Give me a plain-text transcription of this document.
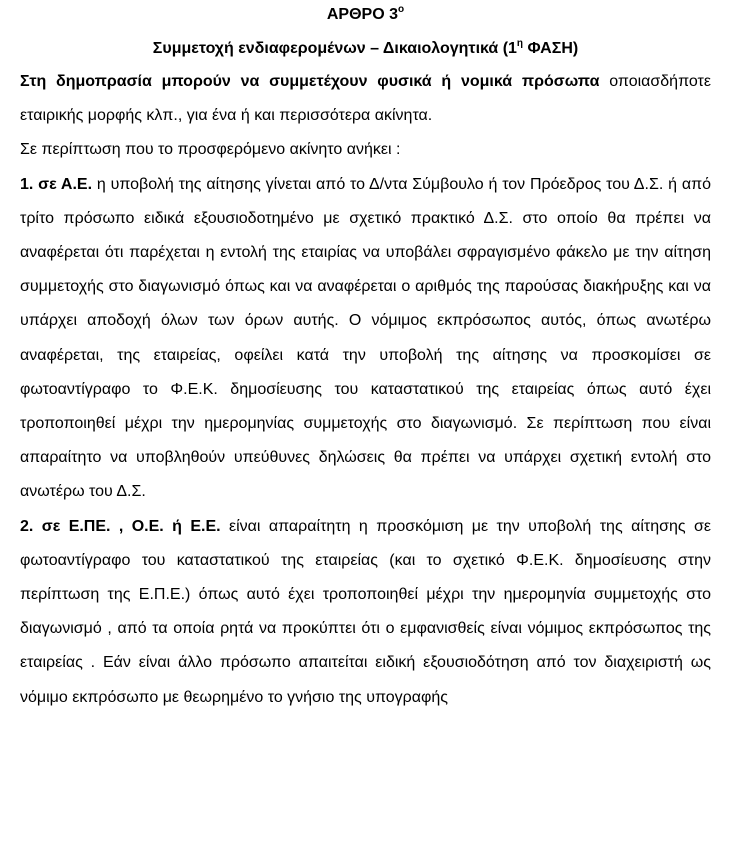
ΑΡΘΡΟ $3^o$
Συμμετοχή ενδιαφερομένων – Δικαιολογητικά ($1^\eta$ ΦΑΣΗ)

Στη δημοπρασία μπορούν να συμμετέχουν φυσικά ή νομικά πρόσωπα οποιασδήποτε εταιρικής μορφής κλπ., για ένα ή και περισσότερα ακίνητα.

Σε περίπτωση που το προσφερόμενο ακίνητο ανήκει :

1. σε Α.Ε. η υποβολή της αίτησης γίνεται από το Δ/ντα Σύμβουλο ή τον Πρόεδρος του Δ.Σ. ή από τρίτο πρόσωπο ειδικά εξουσιοδοτημένο με σχετικό πρακτικό Δ.Σ. στο οποίο θα πρέπει να αναφέρεται ότι παρέχεται η εντολή της εταιρίας να υποβάλει σφραγισμένο φάκελο με την αίτηση συμμετοχής στο διαγωνισμό όπως και να αναφέρεται ο αριθμός της παρούσας διακήρυξης και να υπάρχει αποδοχή όλων των όρων αυτής. Ο νόμιμος εκπρόσωπος αυτός, όπως ανωτέρω αναφέρεται, της εταιρείας, οφείλει κατά την υποβολή της αίτησης να προσκομίσει σε φωτοαντίγραφο το Φ.Ε.Κ. δημοσίευσης του καταστατικού της εταιρείας όπως αυτό έχει τροποποιηθεί μέχρι την ημερομηνίας συμμετοχής στο διαγωνισμό. Σε περίπτωση που είναι απαραίτητο να υποβληθούν υπεύθυνες δηλώσεις θα πρέπει να υπάρχει σχετική εντολή στο ανωτέρω του Δ.Σ.

2. σε Ε.ΠΕ. , Ο.Ε. ή Ε.Ε. είναι απαραίτητη η προσκόμιση με την υποβολή της αίτησης σε φωτοαντίγραφο του καταστατικού της εταιρείας (και το σχετικό Φ.Ε.Κ. δημοσίευσης στην περίπτωση της Ε.Π.Ε.) όπως αυτό έχει τροποποιηθεί μέχρι την ημερομηνία συμμετοχής στο διαγωνισμό , από τα οποία ρητά να προκύπτει ότι ο εμφανισθείς είναι νόμιμος εκπρόσωπος της εταιρείας . Εάν είναι άλλο πρόσωπο απαιτείται ειδική εξουσιοδότηση από τον διαχειριστή ως νόμιμο εκπρόσωπο με θεωρημένο το γνήσιο της υπογραφής
